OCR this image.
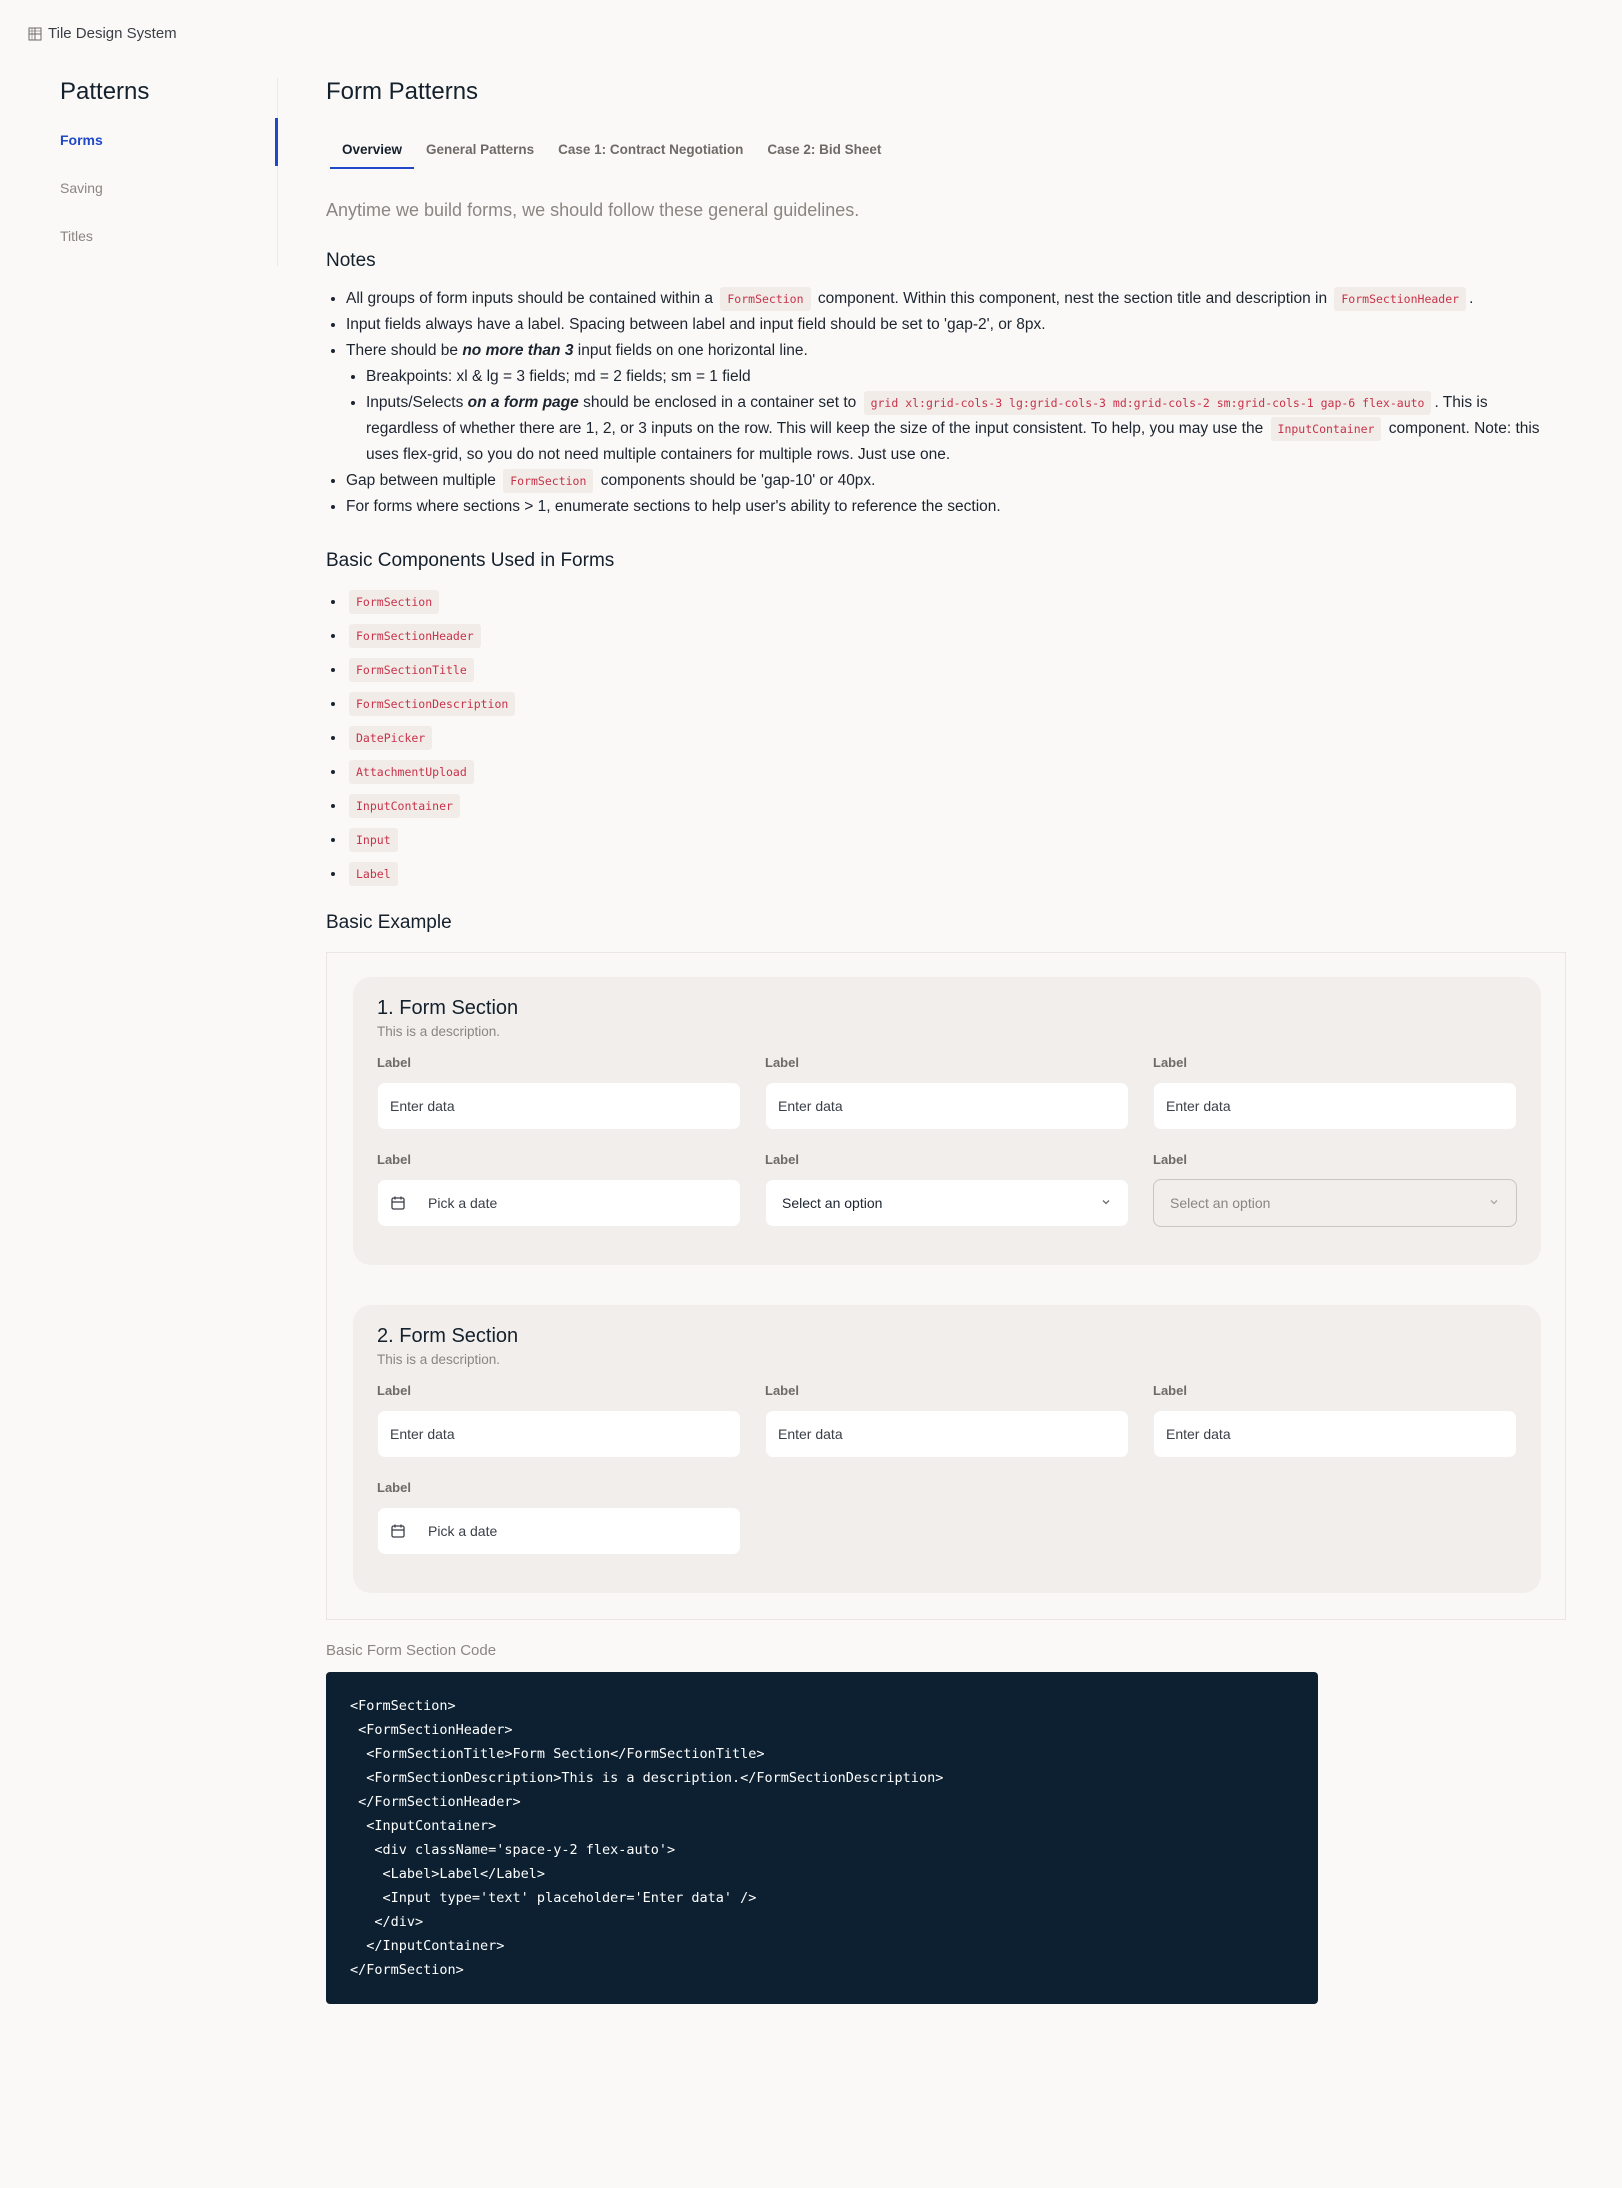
Tile Design System
Patterns
Forms
Saving
Titles
Form Patterns
Overview	General Patterns	Case 1: Contract Negotiation	Case 2: Bid Sheet
Anytime we build forms, we should follow these general guidelines.
Notes
• All groups of form inputs should be contained within a FormSection component. Within this component, nest the section title and description in FormSectionHeader .
• Input fields always have a label. Spacing between label and input field should be set to 'gap-2', or 8px.
• There should be no more than 3 input fields on one horizontal line.
• Breakpoints: xl & lg = 3 fields; md = 2 fields; sm = 1 field
• Inputs/Selects on a form page should be enclosed in a container set to grid xl:grid-cols-3 lg:grid-cols-3 md:grid-cols-2 sm:grid-cols-1 gap-6 flex-auto . This is regardless of whether there are 1, 2, or 3 inputs on the row. This will keep the size of the input consistent. To help, you may use the InputContainer component. Note: this uses flex-grid, so you do not need multiple containers for multiple rows. Just use one.
• Gap between multiple FormSection components should be 'gap-10' or 40px.
• For forms where sections > 1, enumerate sections to help user's ability to reference the section.
Basic Components Used in Forms
• FormSection
• FormSectionHeader
• FormSectionTitle
• FormSectionDescription
• DatePicker
• AttachmentUpload
• InputContainer
• Input
• Label
Basic Example
1. Form Section
This is a description.
Label
Enter data
Label
Enter data
Label
Enter data
Label
Pick a date
Label
Select an option
Label
Select an option
2. Form Section
This is a description.
Label
Enter data
Label
Enter data
Label
Enter data
Label
Pick a date
Basic Form Section Code
<FormSection>
<FormSectionHeader>
<FormSectionTitle>Form Section</FormSectionTitle>
<FormSectionDescription>This is a description.</FormSectionDescription>
</FormSectionHeader>
<InputContainer>
<div className='space-y-2 flex-auto'>
<Label>Label</Label>
<Input type='text' placeholder='Enter data' />
</div>
</InputContainer>
</FormSection>
